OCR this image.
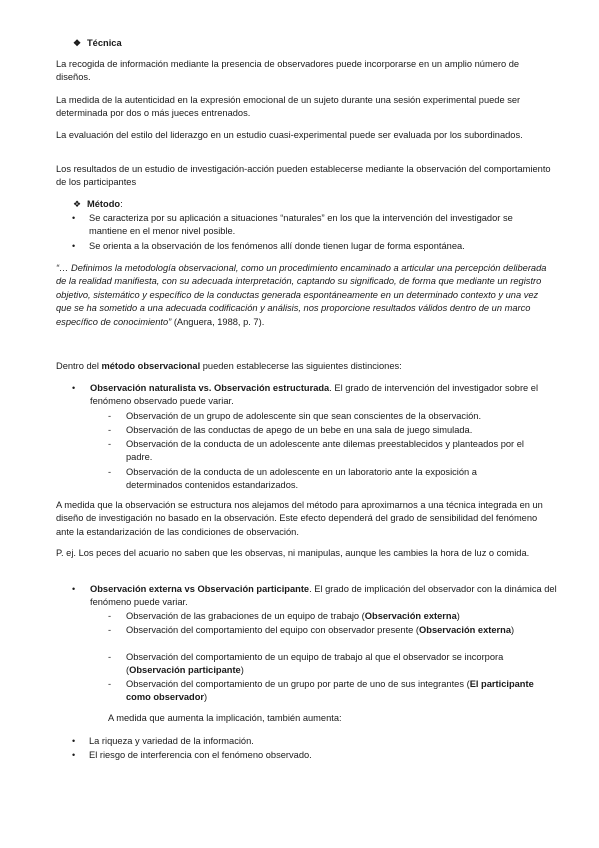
❖ Técnica

La recogida de información mediante la presencia de observadores puede incorporarse en un amplio número de diseños.

La medida de la autenticidad en la expresión emocional de un sujeto durante una sesión experimental puede ser determinada por dos o más jueces entrenados.

La evaluación del estilo del liderazgo en un estudio cuasi-experimental puede ser evaluada por los subordinados.

Los resultados de un estudio de investigación-acción pueden establecerse mediante la observación del comportamiento de los participantes

❖ Método:
• Se caracteriza por su aplicación a situaciones “naturales” en los que la intervención del investigador se mantiene en el menor nivel posible.
• Se orienta a la observación de los fenómenos allí donde tienen lugar de forma espontánea.

“… Definimos la metodología observacional, como un procedimiento encaminado a articular una percepción deliberada de la realidad manifiesta, con su adecuada interpretación, captando su significado, de forma que mediante un registro objetivo, sistemático y específico de la conductas generada espontáneamente en un determinado contexto y una vez que se ha sometido a una adecuada codificación y análisis, nos proporcione resultados válidos dentro de un marco específico de conocimiento” (Anguera, 1988, p. 7).

Dentro del método observacional pueden establecerse las siguientes distinciones:

• Observación naturalista vs. Observación estructurada. El grado de intervención del investigador sobre el fenómeno observado puede variar.
- Observación de un grupo de adolescente sin que sean conscientes de la observación.
- Observación de las conductas de apego de un bebe en una sala de juego simulada.
- Observación de la conducta de un adolescente ante dilemas preestablecidos y planteados por el padre.
- Observación de la conducta de un adolescente en un laboratorio ante la exposición a determinados contenidos estandarizados.

A medida que la observación se estructura nos alejamos del método para aproximarnos a una técnica integrada en un diseño de investigación no basado en la observación. Este efecto dependerá del grado de sensibilidad del fenómeno ante la estandarización de las condiciones de observación.

P. ej. Los peces del acuario no saben que les observas, ni manipulas, aunque les cambies la hora de luz o comida.

• Observación externa vs Observación participante. El grado de implicación del observador con la dinámica del fenómeno puede variar.
- Observación de las grabaciones de un equipo de trabajo (Observación externa)
- Observación del comportamiento del equipo con observador presente (Observación externa)
- Observación del comportamiento de un equipo de trabajo al que el observador se incorpora (Observación participante)
- Observación del comportamiento de un grupo por parte de uno de sus integrantes (El participante como observador)

A medida que aumenta la implicación, también aumenta:

• La riqueza y variedad de la información.
• El riesgo de interferencia con el fenómeno observado.
